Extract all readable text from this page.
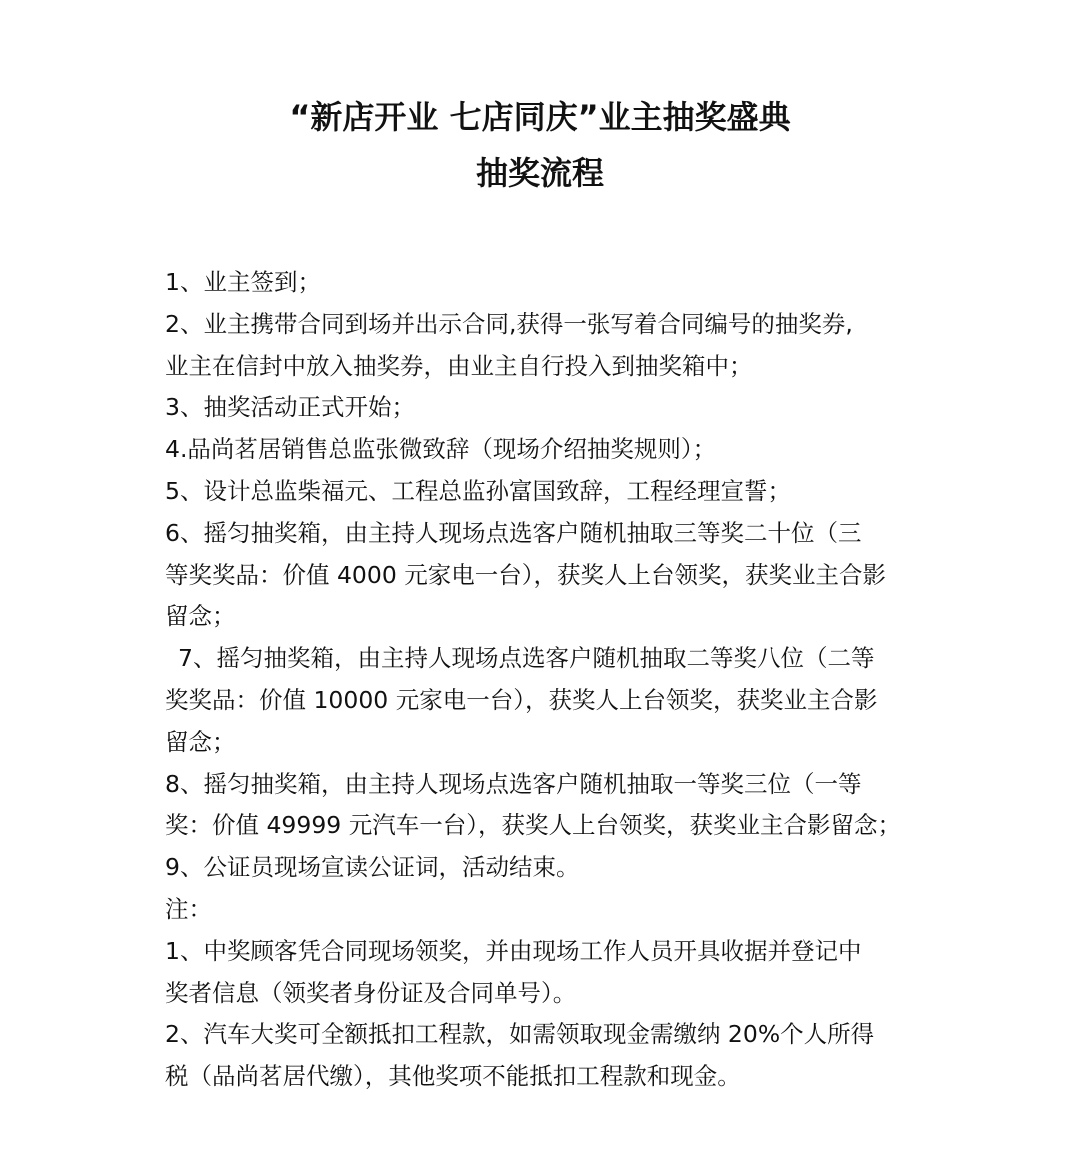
“新店开业 七店同庆”业主抽奖盛典
抽奖流程

1、业主签到；

2、业主携带合同到场并出示合同,获得一张写着合同编号的抽奖券,
业主在信封中放入抽奖券，由业主自行投入到抽奖箱中；

3、抽奖活动正式开始；

4.品尚茗居销售总监张微致辞（现场介绍抽奖规则）；

5、设计总监柴福元、工程总监孙富国致辞，工程经理宣誓；

6、摇匀抽奖箱，由主持人现场点选客户随机抽取三等奖二十位（三
等奖奖品：价值 4000 元家电一台），获奖人上台领奖，获奖业主合影
留念；

7、摇匀抽奖箱，由主持人现场点选客户随机抽取二等奖八位（二等
奖奖品：价值 10000 元家电一台），获奖人上台领奖，获奖业主合影
留念；

8、摇匀抽奖箱，由主持人现场点选客户随机抽取一等奖三位（一等
奖：价值 49999 元汽车一台），获奖人上台领奖，获奖业主合影留念；

9、公证员现场宣读公证词，活动结束。

注：

1、中奖顾客凭合同现场领奖，并由现场工作人员开具收据并登记中
奖者信息（领奖者身份证及合同单号）。

2、汽车大奖可全额抵扣工程款，如需领取现金需缴纳 20%个人所得
税（品尚茗居代缴），其他奖项不能抵扣工程款和现金。
